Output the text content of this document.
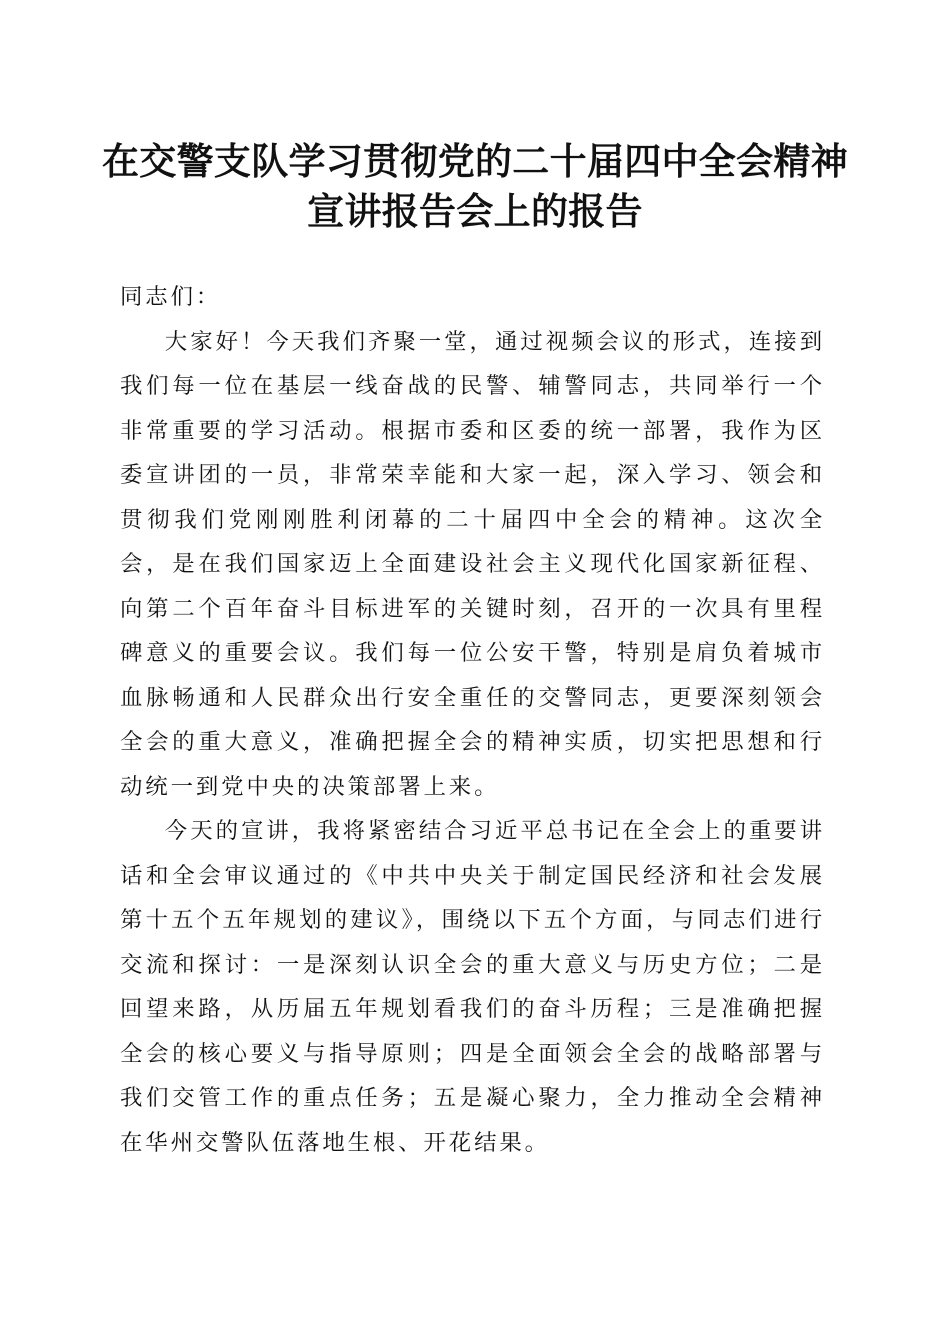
在交警支队学习贯彻党的二十届四中全会精神
宣讲报告会上的报告

同志们：

大家好！今天我们齐聚一堂，通过视频会议的形式，连接到我们每一位在基层一线奋战的民警、辅警同志，共同举行一个非常重要的学习活动。根据市委和区委的统一部署，我作为区委宣讲团的一员，非常荣幸能和大家一起，深入学习、领会和贯彻我们党刚刚胜利闭幕的二十届四中全会的精神。这次全会，是在我们国家迈上全面建设社会主义现代化国家新征程、向第二个百年奋斗目标进军的关键时刻，召开的一次具有里程碑意义的重要会议。我们每一位公安干警，特别是肩负着城市血脉畅通和人民群众出行安全重任的交警同志，更要深刻领会全会的重大意义，准确把握全会的精神实质，切实把思想和行动统一到党中央的决策部署上来。

今天的宣讲，我将紧密结合习近平总书记在全会上的重要讲话和全会审议通过的《中共中央关于制定国民经济和社会发展第十五个五年规划的建议》，围绕以下五个方面，与同志们进行交流和探讨：一是深刻认识全会的重大意义与历史方位；二是回望来路，从历届五年规划看我们的奋斗历程；三是准确把握全会的核心要义与指导原则；四是全面领会全会的战略部署与我们交管工作的重点任务；五是凝心聚力，全力推动全会精神在华州交警队伍落地生根、开花结果。
